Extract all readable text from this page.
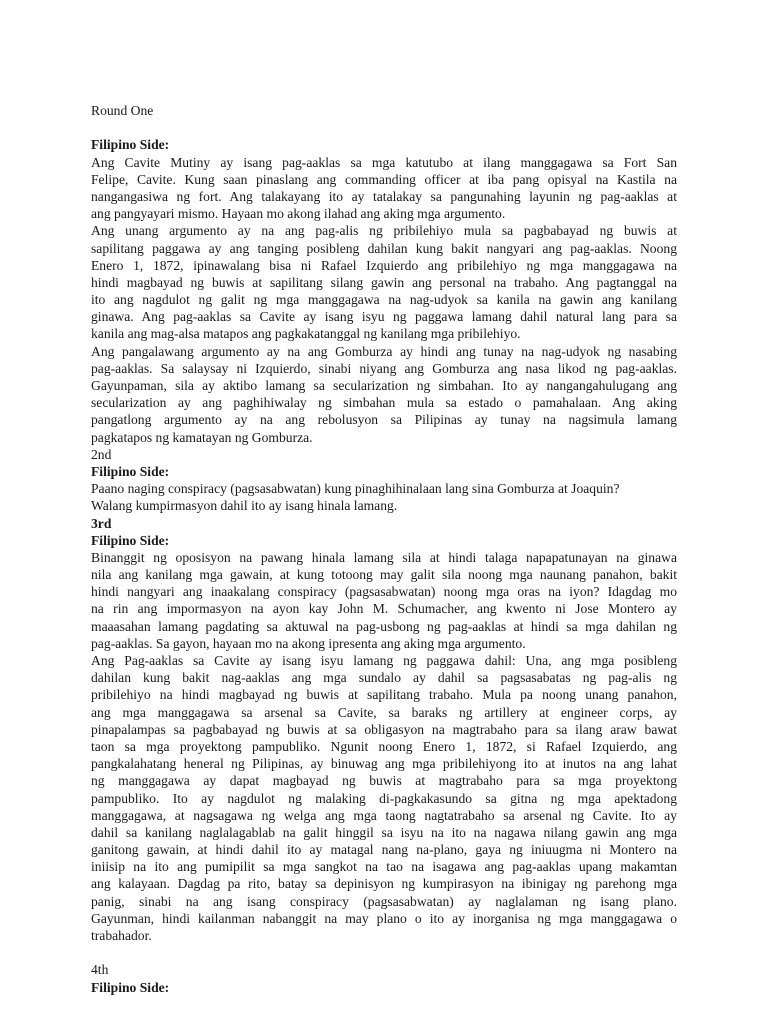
Round One
Filipino Side:
Ang Cavite Mutiny ay isang pag-aaklas sa mga katutubo at ilang manggagawa sa Fort San
Felipe, Cavite. Kung saan pinaslang ang commanding officer at iba pang opisyal na Kastila na
nangangasiwa ng fort. Ang talakayang ito ay tatalakay sa pangunahing layunin ng pag-aaklas at
ang pangyayari mismo. Hayaan mo akong ilahad ang aking mga argumento.
Ang unang argumento ay na ang pag-alis ng pribilehiyo mula sa pagbabayad ng buwis at
sapilitang paggawa ay ang tanging posibleng dahilan kung bakit nangyari ang pag-aaklas. Noong
Enero 1, 1872, ipinawalang bisa ni Rafael Izquierdo ang pribilehiyo ng mga manggagawa na
hindi magbayad ng buwis at sapilitang silang gawin ang personal na trabaho. Ang pagtanggal na
ito ang nagdulot ng galit ng mga manggagawa na nag-udyok sa kanila na gawin ang kanilang
ginawa. Ang pag-aaklas sa Cavite ay isang isyu ng paggawa lamang dahil natural lang para sa
kanila ang mag-alsa matapos ang pagkakatanggal ng kanilang mga pribilehiyo.
Ang pangalawang argumento ay na ang Gomburza ay hindi ang tunay na nag-udyok ng nasabing
pag-aaklas. Sa salaysay ni Izquierdo, sinabi niyang ang Gomburza ang nasa likod ng pag-aaklas.
Gayunpaman, sila ay aktibo lamang sa secularization ng simbahan. Ito ay nangangahulugang ang
secularization ay ang paghihiwalay ng simbahan mula sa estado o pamahalaan. Ang aking
pangatlong argumento ay na ang rebolusyon sa Pilipinas ay tunay na nagsimula lamang
pagkatapos ng kamatayan ng Gomburza.
2nd
Filipino Side:
Paano naging conspiracy (pagsasabwatan) kung pinaghihinalaan lang sina Gomburza at Joaquin?
Walang kumpirmasyon dahil ito ay isang hinala lamang.
3rd
Filipino Side:
Binanggit ng oposisyon na pawang hinala lamang sila at hindi talaga napapatunayan na ginawa
nila ang kanilang mga gawain, at kung totoong may galit sila noong mga naunang panahon, bakit
hindi nangyari ang inaakalang conspiracy (pagsasabwatan) noong mga oras na iyon? Idagdag mo
na rin ang impormasyon na ayon kay John M. Schumacher, ang kwento ni Jose Montero ay
maaasahan lamang pagdating sa aktuwal na pag-usbong ng pag-aaklas at hindi sa mga dahilan ng
pag-aaklas. Sa gayon, hayaan mo na akong ipresenta ang aking mga argumento.
Ang Pag-aaklas sa Cavite ay isang isyu lamang ng paggawa dahil: Una, ang mga posibleng
dahilan kung bakit nag-aaklas ang mga sundalo ay dahil sa pagsasabatas ng pag-alis ng
pribilehiyo na hindi magbayad ng buwis at sapilitang trabaho. Mula pa noong unang panahon,
ang mga manggagawa sa arsenal sa Cavite, sa baraks ng artillery at engineer corps, ay
pinapalampas sa pagbabayad ng buwis at sa obligasyon na magtrabaho para sa ilang araw bawat
taon sa mga proyektong pampubliko. Ngunit noong Enero 1, 1872, si Rafael Izquierdo, ang
pangkalahatang heneral ng Pilipinas, ay binuwag ang mga pribilehiyong ito at inutos na ang lahat
ng manggagawa ay dapat magbayad ng buwis at magtrabaho para sa mga proyektong
pampubliko. Ito ay nagdulot ng malaking di-pagkakasundo sa gitna ng mga apektadong
manggagawa, at nagsagawa ng welga ang mga taong nagtatrabaho sa arsenal ng Cavite. Ito ay
dahil sa kanilang naglalagablab na galit hinggil sa isyu na ito na nagawa nilang gawin ang mga
ganitong gawain, at hindi dahil ito ay matagal nang na-plano, gaya ng iniuugma ni Montero na
iniisip na ito ang pumipilit sa mga sangkot na tao na isagawa ang pag-aaklas upang makamtan
ang kalayaan. Dagdag pa rito, batay sa depinisyon ng kumpirasyon na ibinigay ng parehong mga
panig, sinabi na ang isang conspiracy (pagsasabwatan) ay naglalaman ng isang plano.
Gayunman, hindi kailanman nabanggit na may plano o ito ay inorganisa ng mga manggagawa o
trabahador.
4th
Filipino Side:
